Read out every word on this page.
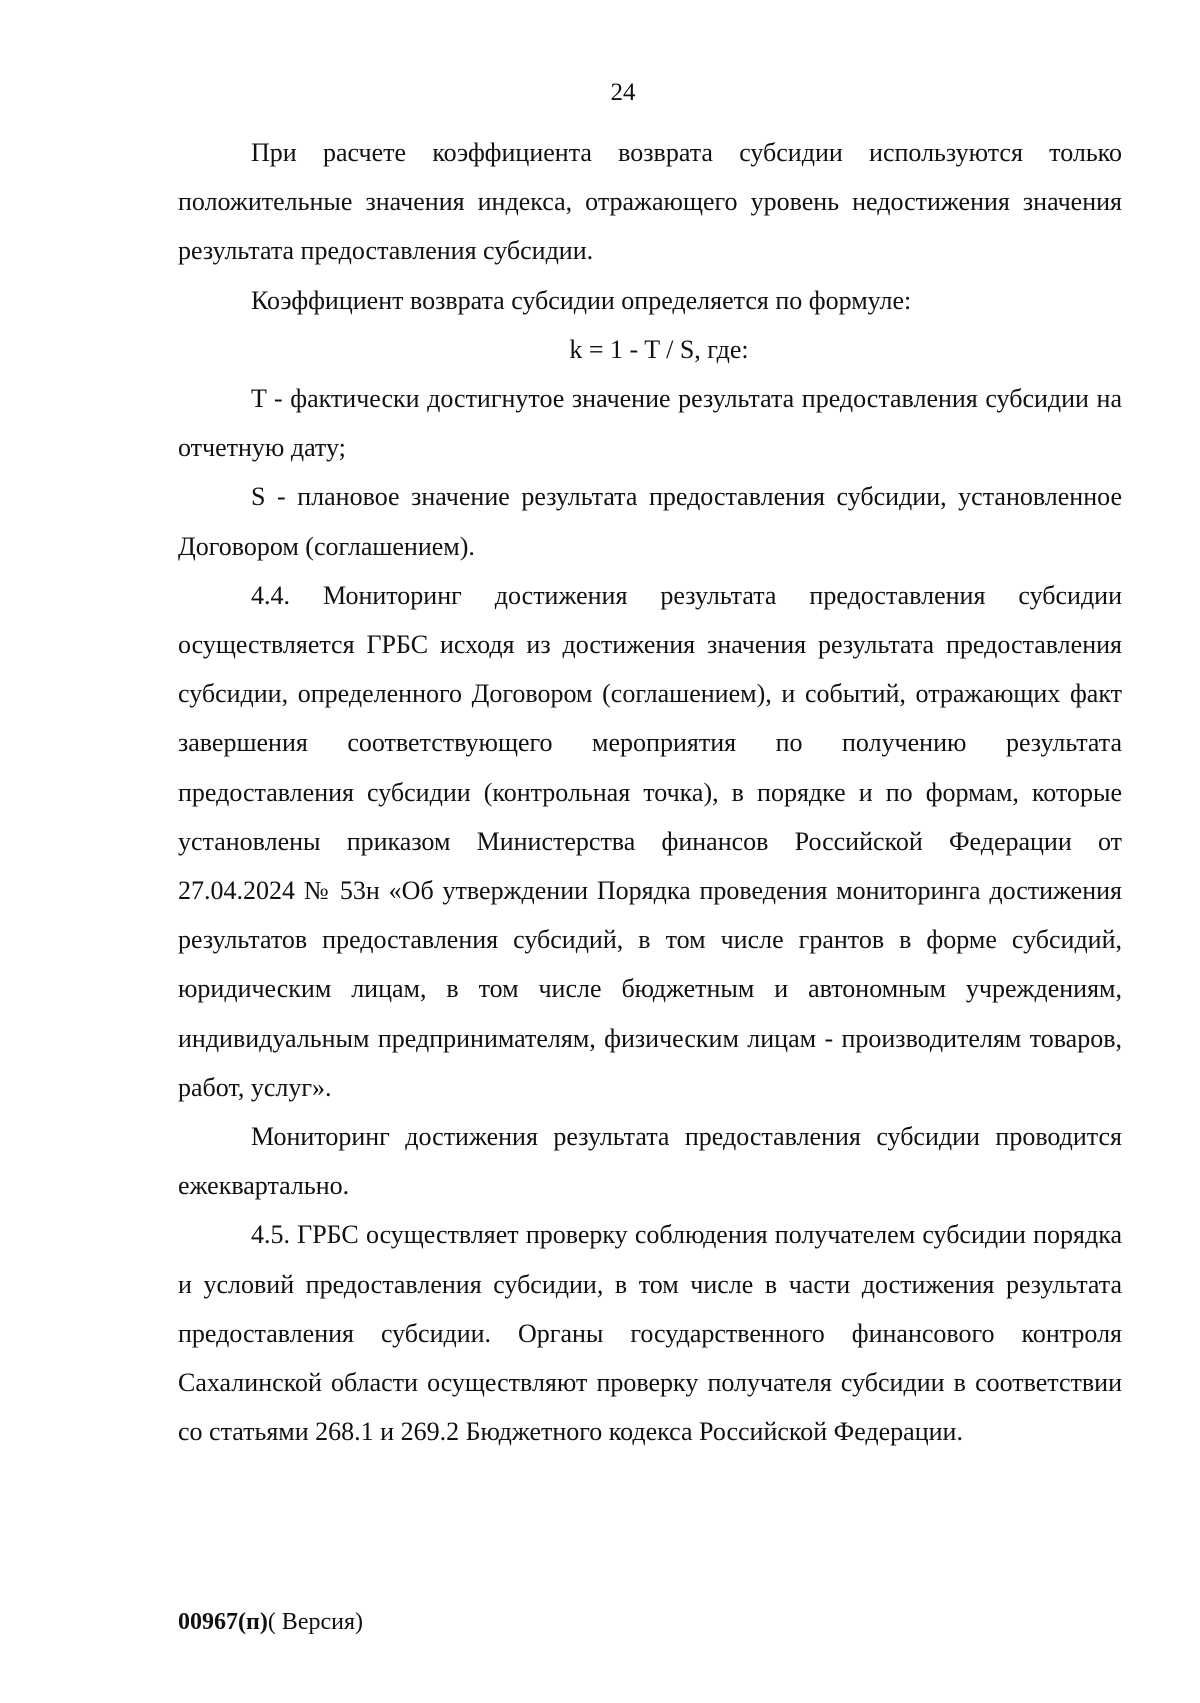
24

При расчете коэффициента возврата субсидии используются только положительные значения индекса, отражающего уровень недостижения значения результата предоставления субсидии.

Коэффициент возврата субсидии определяется по формуле:

k = 1 - T / S, где:

T - фактически достигнутое значение результата предоставления субсидии на отчетную дату;

S - плановое значение результата предоставления субсидии, установленное Договором (соглашением).

4.4. Мониторинг достижения результата предоставления субсидии осуществляется ГРБС исходя из достижения значения результата предоставления субсидии, определенного Договором (соглашением), и событий, отражающих факт завершения соответствующего мероприятия по получению результата предоставления субсидии (контрольная точка), в порядке и по формам, которые установлены приказом Министерства финансов Российской Федерации от 27.04.2024 № 53н «Об утверждении Порядка проведения мониторинга достижения результатов предоставления субсидий, в том числе грантов в форме субсидий, юридическим лицам, в том числе бюджетным и автономным учреждениям, индивидуальным предпринимателям, физическим лицам - производителям товаров, работ, услуг».

Мониторинг достижения результата предоставления субсидии проводится ежеквартально.

4.5. ГРБС осуществляет проверку соблюдения получателем субсидии порядка и условий предоставления субсидии, в том числе в части достижения результата предоставления субсидии. Органы государственного финансового контроля Сахалинской области осуществляют проверку получателя субсидии в соответствии со статьями 268.1 и 269.2 Бюджетного кодекса Российской Федерации.

00967(п)( Версия)
